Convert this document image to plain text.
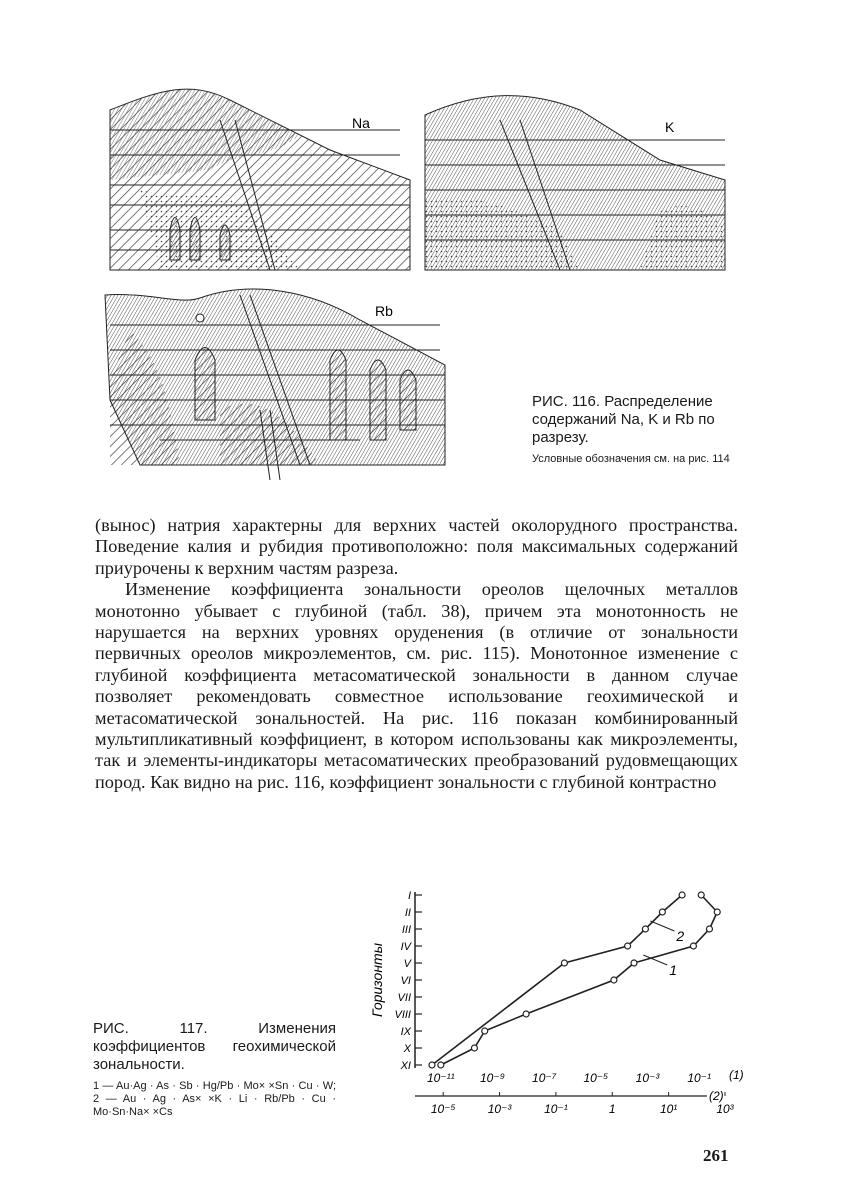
Na	K
Rb
РИС. 116. Распределение содержаний Na, K и Rb по разрезу.
Условные обозначения см. на рис. 114

(вынос) натрия характерны для верхних частей околорудного пространства. Поведение калия и рубидия противоположно: поля максимальных содержаний приурочены к верхним частям разреза.

Изменение коэффициента зональности ореолов щелочных металлов монотонно убывает с глубиной (табл. 38), причем эта монотонность не нарушается на верхних уровнях оруденения (в отличие от зональности первичных ореолов микроэлементов, см. рис. 115). Монотонное изменение с глубиной коэффициента метасоматической зональности в данном случае позволяет рекомендовать совместное использование геохимической и метасоматической зональностей. На рис. 116 показан комбинированный мультипликативный коэффициент, в котором использованы как микроэлементы, так и элементы-индикаторы метасоматических преобразований рудовмещающих пород. Как видно на рис. 116, коэффициент зональности с глубиной контрастно

РИС. 117. Изменения коэффициентов геохимической зональности.
1 — Au·Ag · As · Sb · Hg/Pb · Mo× ×Sn · Cu · W; 2 — Au · Ag · As× ×K · Li · Rb/Pb · Cu · Mo·Sn·Na× ×Cs
I
II
III
IV
V
VI
VII
VIII
IX
X
XI
Горизонты
10⁻¹¹ 10⁻⁹ 10⁻⁷ 10⁻⁵ 10⁻³ 10⁻¹ (1)
10⁻⁵	10⁻³	10⁻¹	1	10¹	10³
(2)
1
2
261
